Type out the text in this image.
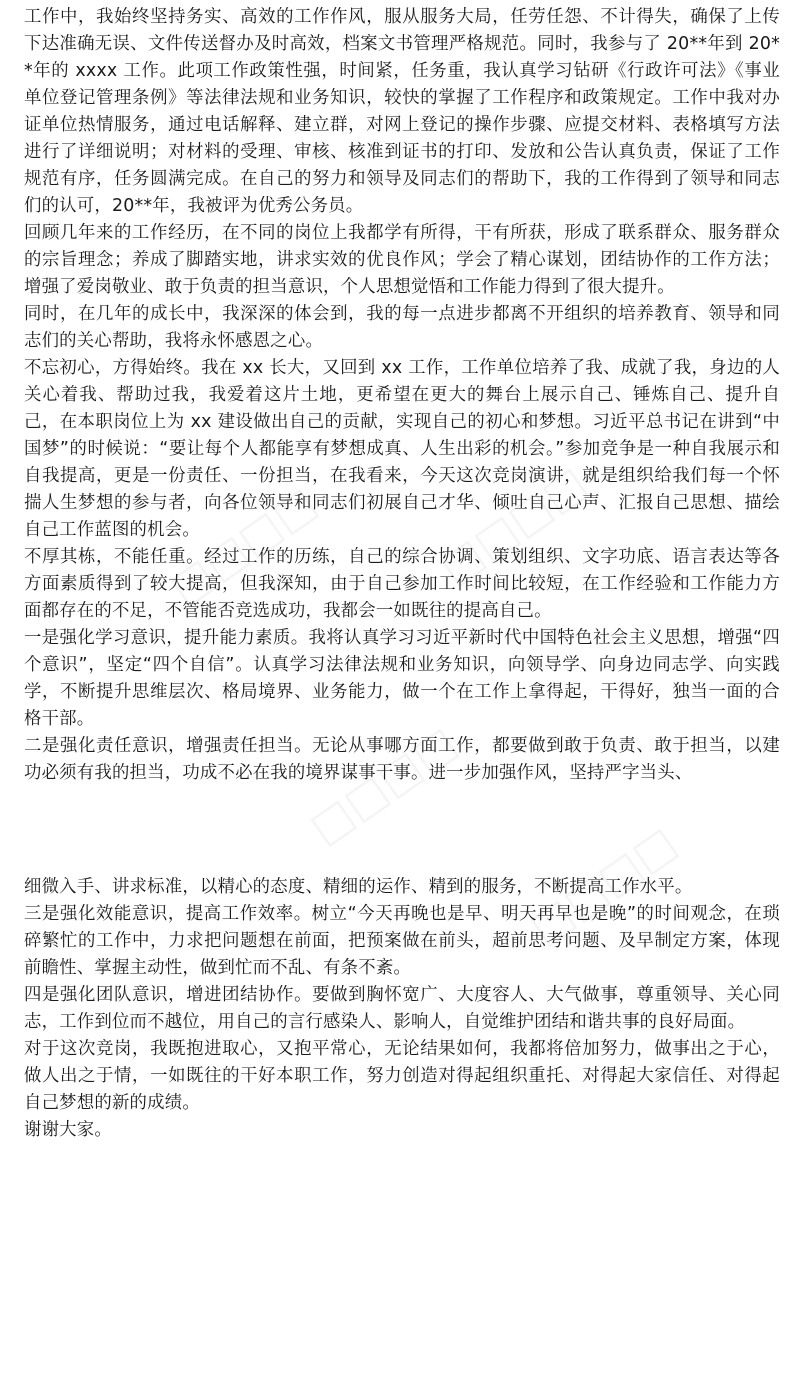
工作中，我始终坚持务实、高效的工作作风，服从服务大局，任劳任怨、不计得失，确保了上传下达准确无误、文件传送督办及时高效，档案文书管理严格规范。同时，我参与了 20**年到 20**年的 xxxx 工作。此项工作政策性强，时间紧，任务重，我认真学习钻研《行政许可法》《事业单位登记管理条例》等法律法规和业务知识，较快的掌握了工作程序和政策规定。工作中我对办证单位热情服务，通过电话解释、建立群，对网上登记的操作步骤、应提交材料、表格填写方法进行了详细说明；对材料的受理、审核、核准到证书的打印、发放和公告认真负责，保证了工作规范有序，任务圆满完成。在自己的努力和领导及同志们的帮助下，我的工作得到了领导和同志们的认可，20**年，我被评为优秀公务员。

回顾几年来的工作经历，在不同的岗位上我都学有所得，干有所获，形成了联系群众、服务群众的宗旨理念；养成了脚踏实地，讲求实效的优良作风；学会了精心谋划，团结协作的工作方法；增强了爱岗敬业、敢于负责的担当意识，个人思想觉悟和工作能力得到了很大提升。

同时，在几年的成长中，我深深的体会到，我的每一点进步都离不开组织的培养教育、领导和同志们的关心帮助，我将永怀感恩之心。

不忘初心，方得始终。我在 xx 长大，又回到 xx 工作，工作单位培养了我、成就了我，身边的人关心着我、帮助过我，我爱着这片土地，更希望在更大的舞台上展示自己、锤炼自己、提升自己，在本职岗位上为 xx 建设做出自己的贡献，实现自己的初心和梦想。习近平总书记在讲到“中国梦”的时候说：“要让每个人都能享有梦想成真、人生出彩的机会。”参加竞争是一种自我展示和自我提高，更是一份责任、一份担当，在我看来，今天这次竞岗演讲，就是组织给我们每一个怀揣人生梦想的参与者，向各位领导和同志们初展自己才华、倾吐自己心声、汇报自己思想、描绘自己工作蓝图的机会。

不厚其栋，不能任重。经过工作的历练，自己的综合协调、策划组织、文字功底、语言表达等各方面素质得到了较大提高，但我深知，由于自己参加工作时间比较短，在工作经验和工作能力方面都存在的不足，不管能否竞选成功，我都会一如既往的提高自己。

一是强化学习意识，提升能力素质。我将认真学习习近平新时代中国特色社会主义思想，增强“四个意识”，坚定“四个自信”。认真学习法律法规和业务知识，向领导学、向身边同志学、向实践学，不断提升思维层次、格局境界、业务能力，做一个在工作上拿得起，干得好，独当一面的合格干部。

二是强化责任意识，增强责任担当。无论从事哪方面工作，都要做到敢于负责、敢于担当，以建功必须有我的担当，功成不必在我的境界谋事干事。进一步加强作风，坚持严字当头、

细微入手、讲求标准，以精心的态度、精细的运作、精到的服务，不断提高工作水平。

三是强化效能意识，提高工作效率。树立“今天再晚也是早、明天再早也是晚”的时间观念，在琐碎繁忙的工作中，力求把问题想在前面，把预案做在前头，超前思考问题、及早制定方案，体现前瞻性、掌握主动性，做到忙而不乱、有条不紊。

四是强化团队意识，增进团结协作。要做到胸怀宽广、大度容人、大气做事，尊重领导、关心同志，工作到位而不越位，用自己的言行感染人、影响人，自觉维护团结和谐共事的良好局面。

对于这次竞岗，我既抱进取心，又抱平常心，无论结果如何，我都将倍加努力，做事出之于心，做人出之于情，一如既往的干好本职工作，努力创造对得起组织重托、对得起大家信任、对得起自己梦想的新的成绩。

谢谢大家。
